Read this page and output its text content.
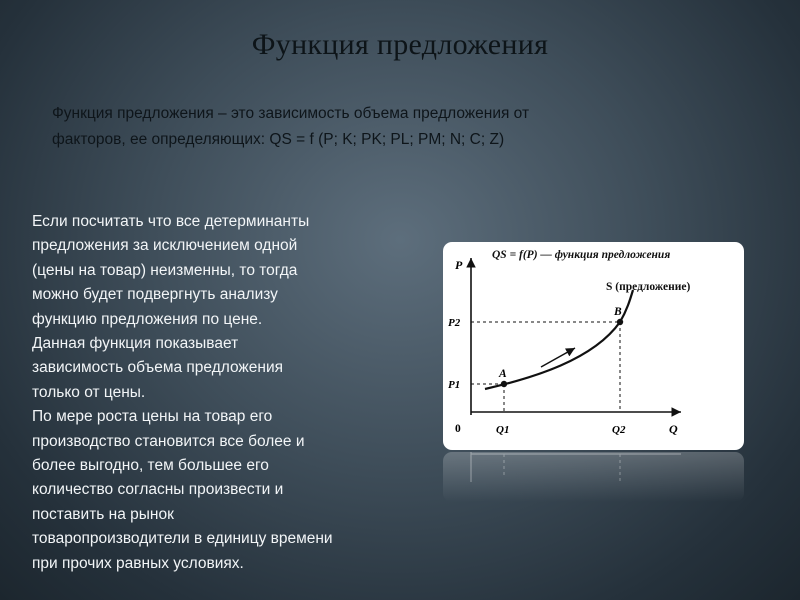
Функция предложения
Функция предложения – это зависимость объема предложения от
факторов, ее определяющих: QS = f (P; K; PK; PL; PM; N; C; Z)
Если посчитать что все детерминанты
предложения за исключением одной
(цены на товар) неизменны, то тогда
можно будет подвергнуть анализу
функцию предложения по цене.
Данная функция показывает
зависимость объема предложения
только от цены.
По мере роста цены на товар его
производство становится все более и
более выгодно, тем большее его
количество согласны произвести и
поставить на рынок
товаропроизводители в единицу времени
при прочих равных условиях.
P
QS = f(P) — функция предложения
S (предложение)
P1
P2
A
B
0	Q1	Q2	Q
